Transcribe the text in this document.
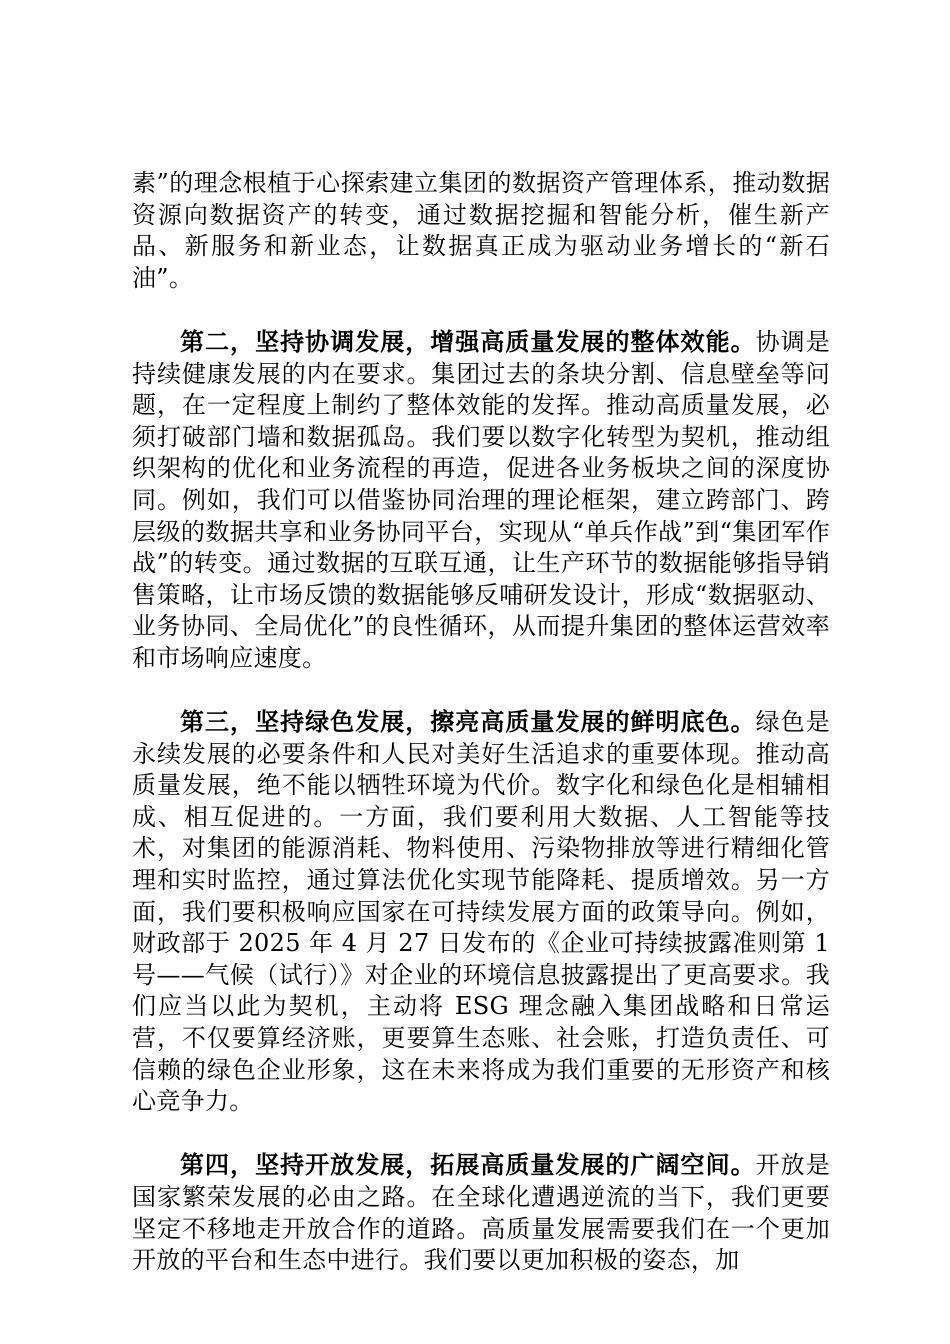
素”的理念根植于心探索建立集团的数据资产管理体系，推动数据资源向数据资产的转变，通过数据挖掘和智能分析，催生新产品、新服务和新业态，让数据真正成为驱动业务增长的“新石油”。

第二，坚持协调发展，增强高质量发展的整体效能。协调是持续健康发展的内在要求。集团过去的条块分割、信息壁垒等问题，在一定程度上制约了整体效能的发挥。推动高质量发展，必须打破部门墙和数据孤岛。我们要以数字化转型为契机，推动组织架构的优化和业务流程的再造，促进各业务板块之间的深度协同。例如，我们可以借鉴协同治理的理论框架，建立跨部门、跨层级的数据共享和业务协同平台，实现从“单兵作战”到“集团军作战”的转变。通过数据的互联互通，让生产环节的数据能够指导销售策略，让市场反馈的数据能够反哺研发设计，形成“数据驱动、业务协同、全局优化”的良性循环，从而提升集团的整体运营效率和市场响应速度。

第三，坚持绿色发展，擦亮高质量发展的鲜明底色。绿色是永续发展的必要条件和人民对美好生活追求的重要体现。推动高质量发展，绝不能以牺牲环境为代价。数字化和绿色化是相辅相成、相互促进的。一方面，我们要利用大数据、人工智能等技术，对集团的能源消耗、物料使用、污染物排放等进行精细化管理和实时监控，通过算法优化实现节能降耗、提质增效。另一方面，我们要积极响应国家在可持续发展方面的政策导向。例如，财政部于 2025 年 4 月 27 日发布的《企业可持续披露准则第 1 号——气候（试行）》对企业的环境信息披露提出了更高要求。我们应当以此为契机，主动将 ESG 理念融入集团战略和日常运营，不仅要算经济账，更要算生态账、社会账，打造负责任、可信赖的绿色企业形象，这在未来将成为我们重要的无形资产和核心竞争力。

第四，坚持开放发展，拓展高质量发展的广阔空间。开放是国家繁荣发展的必由之路。在全球化遭遇逆流的当下，我们更要坚定不移地走开放合作的道路。高质量发展需要我们在一个更加开放的平台和生态中进行。我们要以更加积极的姿态，加
